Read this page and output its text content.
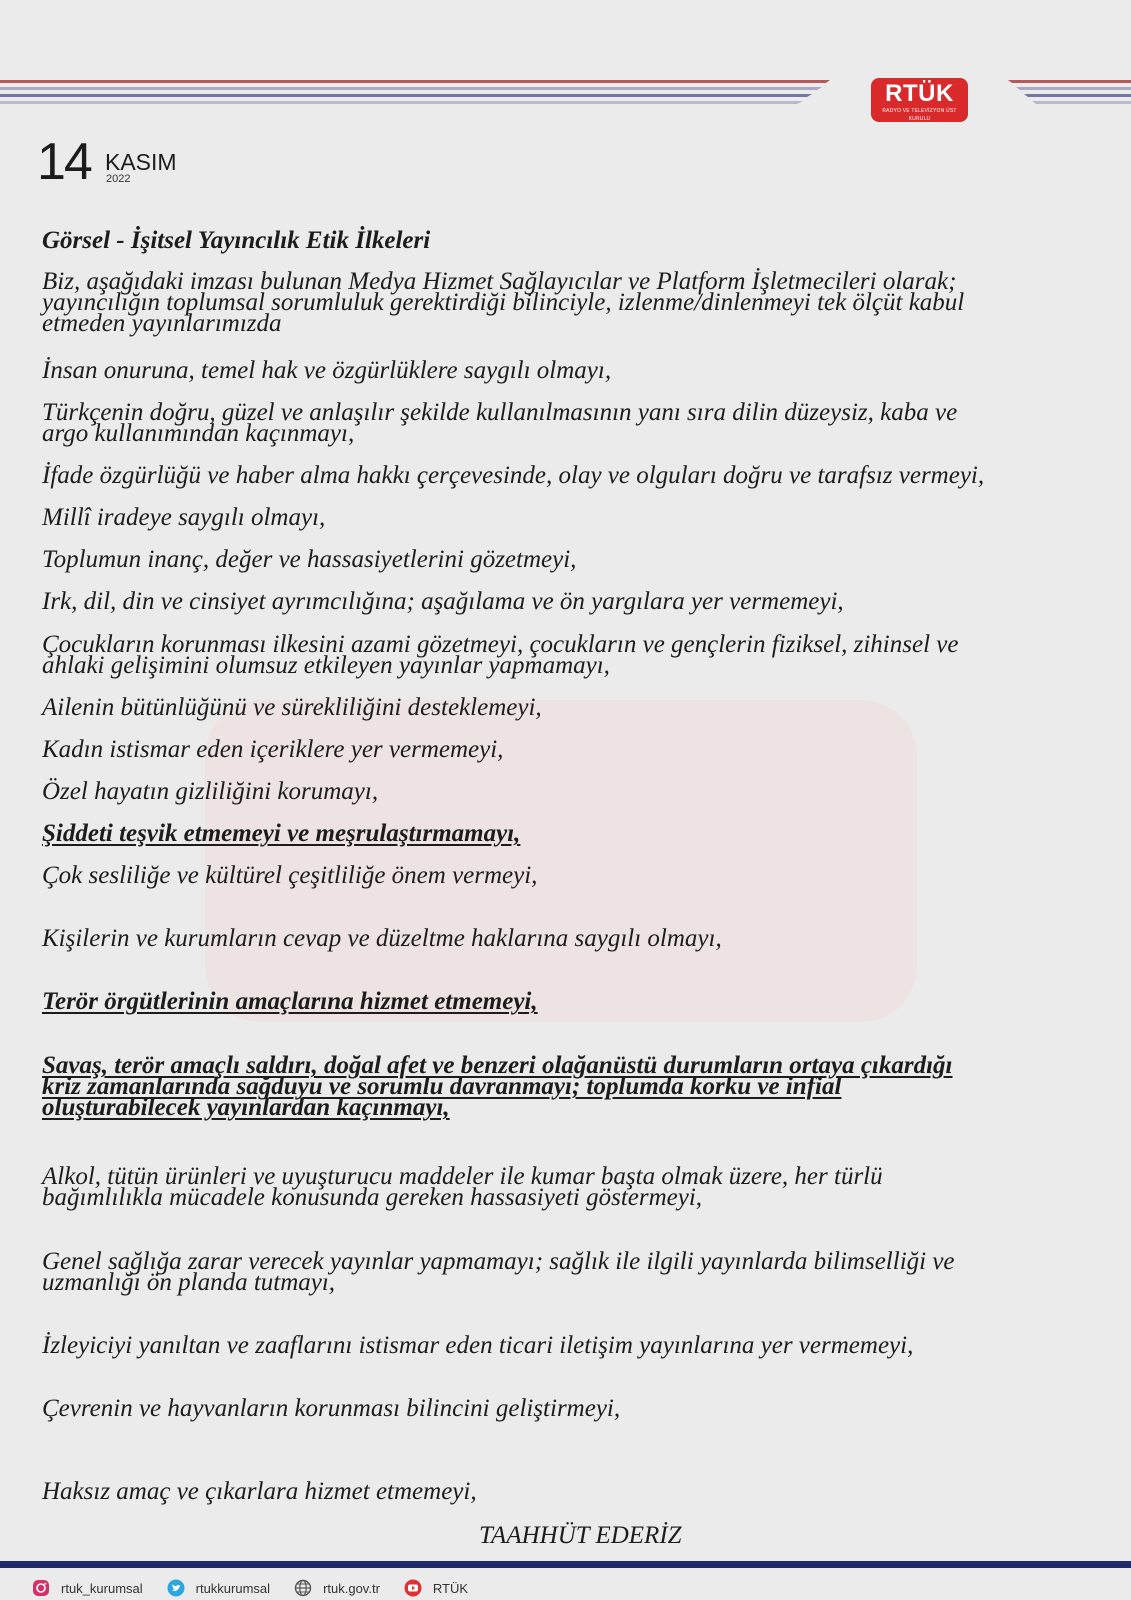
RTÜK
RADYO VE TELEVİZYON ÜST KURULU
14 KASIM
2022
Görsel - İşitsel Yayıncılık Etik İlkeleri

Biz, aşağıdaki imzası bulunan Medya Hizmet Sağlayıcılar ve Platform İşletmecileri olarak;
yayıncılığın toplumsal sorumluluk gerektirdiği bilinciyle, izlenme/dinlenmeyi tek ölçüt kabul
etmeden yayınlarımızda

İnsan onuruna, temel hak ve özgürlüklere saygılı olmayı,

Türkçenin doğru, güzel ve anlaşılır şekilde kullanılmasının yanı sıra dilin düzeysiz, kaba ve
argo kullanımından kaçınmayı,

İfade özgürlüğü ve haber alma hakkı çerçevesinde, olay ve olguları doğru ve tarafsız vermeyi,

Millî iradeye saygılı olmayı,

Toplumun inanç, değer ve hassasiyetlerini gözetmeyi,

Irk, dil, din ve cinsiyet ayrımcılığına; aşağılama ve ön yargılara yer vermemeyi,

Çocukların korunması ilkesini azami gözetmeyi, çocukların ve gençlerin fiziksel, zihinsel ve
ahlaki gelişimini olumsuz etkileyen yayınlar yapmamayı,

Ailenin bütünlüğünü ve sürekliliğini desteklemeyi,

Kadın istismar eden içeriklere yer vermemeyi,

Özel hayatın gizliliğini korumayı,

Şiddeti teşvik etmemeyi ve meşrulaştırmamayı,

Çok sesliliğe ve kültürel çeşitliliğe önem vermeyi,

Kişilerin ve kurumların cevap ve düzeltme haklarına saygılı olmayı,

Terör örgütlerinin amaçlarına hizmet etmemeyi,

Savaş, terör amaçlı saldırı, doğal afet ve benzeri olağanüstü durumların ortaya çıkardığı
kriz zamanlarında sağduyu ve sorumlu davranmayı; toplumda korku ve infial
oluşturabilecek yayınlardan kaçınmayı,

Alkol, tütün ürünleri ve uyuşturucu maddeler ile kumar başta olmak üzere, her türlü
bağımlılıkla mücadele konusunda gereken hassasiyeti göstermeyi,

Genel sağlığa zarar verecek yayınlar yapmamayı; sağlık ile ilgili yayınlarda bilimselliği ve
uzmanlığı ön planda tutmayı,

İzleyiciyi yanıltan ve zaaflarını istismar eden ticari iletişim yayınlarına yer vermemeyi,

Çevrenin ve hayvanların korunması bilincini geliştirmeyi,

Haksız amaç ve çıkarlara hizmet etmemeyi,

TAAHHÜT EDERİZ

rtuk_kurumsal	rtukkurumsal	rtuk.gov.tr	RTÜK
